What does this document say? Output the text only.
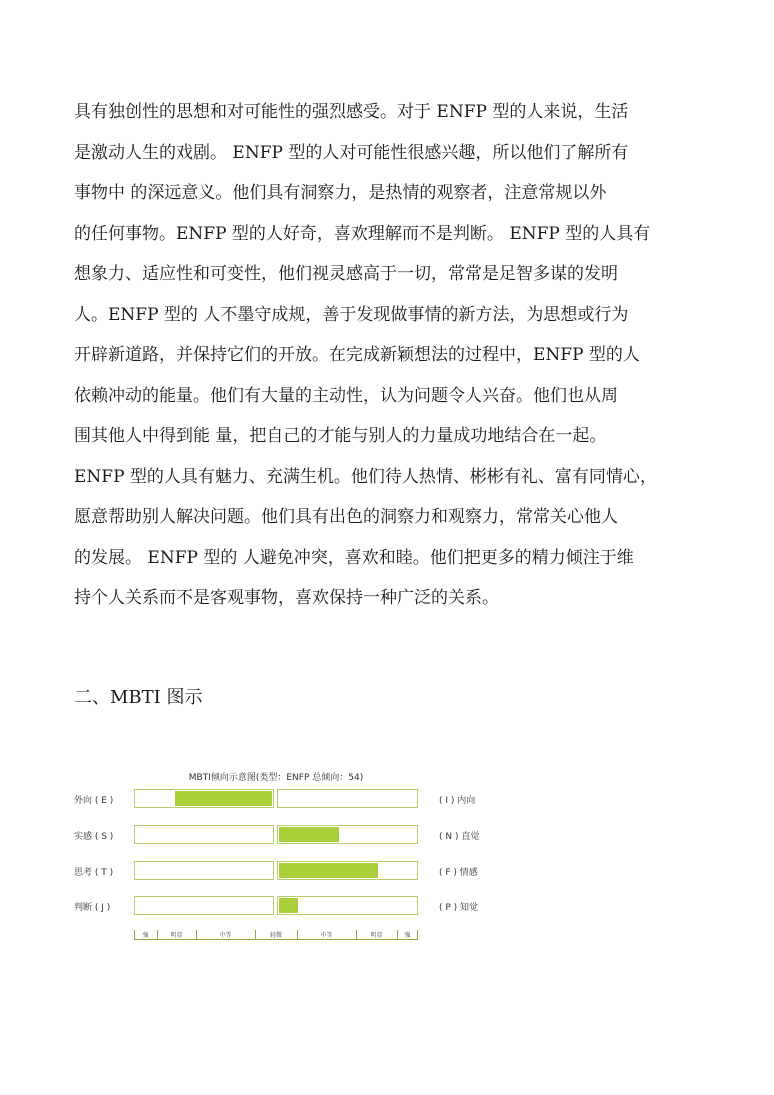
具有独创性的思想和对可能性的强烈感受。对于 ENFP 型的人来说，生活
是激动人生的戏剧。 ENFP 型的人对可能性很感兴趣，所以他们了解所有
事物中 的深远意义。他们具有洞察力，是热情的观察者，注意常规以外
的任何事物。ENFP 型的人好奇，喜欢理解而不是判断。 ENFP 型的人具有
想象力、适应性和可变性，他们视灵感高于一切，常常是足智多谋的发明
人。ENFP 型的 人不墨守成规，善于发现做事情的新方法，为思想或行为
开辟新道路，并保持它们的开放。在完成新颖想法的过程中，ENFP 型的人
依赖冲动的能量。他们有大量的主动性，认为问题令人兴奋。他们也从周
围其他人中得到能 量，把自己的才能与别人的力量成功地结合在一起。
ENFP 型的人具有魅力、充满生机。他们待人热情、彬彬有礼、富有同情心，
愿意帮助别人解决问题。他们具有出色的洞察力和观察力，常常关心他人
的发展。 ENFP 型的 人避免冲突，喜欢和睦。他们把更多的精力倾注于维
持个人关系而不是客观事物，喜欢保持一种广泛的关系。
二、MBTI 图示
MBTI倾向示意图(类型：ENFP 总倾向：54)
外向 ( E )	( I ) 内向
实感 ( S )	( N ) 直觉
思考 ( T )	( F ) 情感
判断 ( J )	( P ) 知觉
强	明显	中等	轻微	中等	明显	强
